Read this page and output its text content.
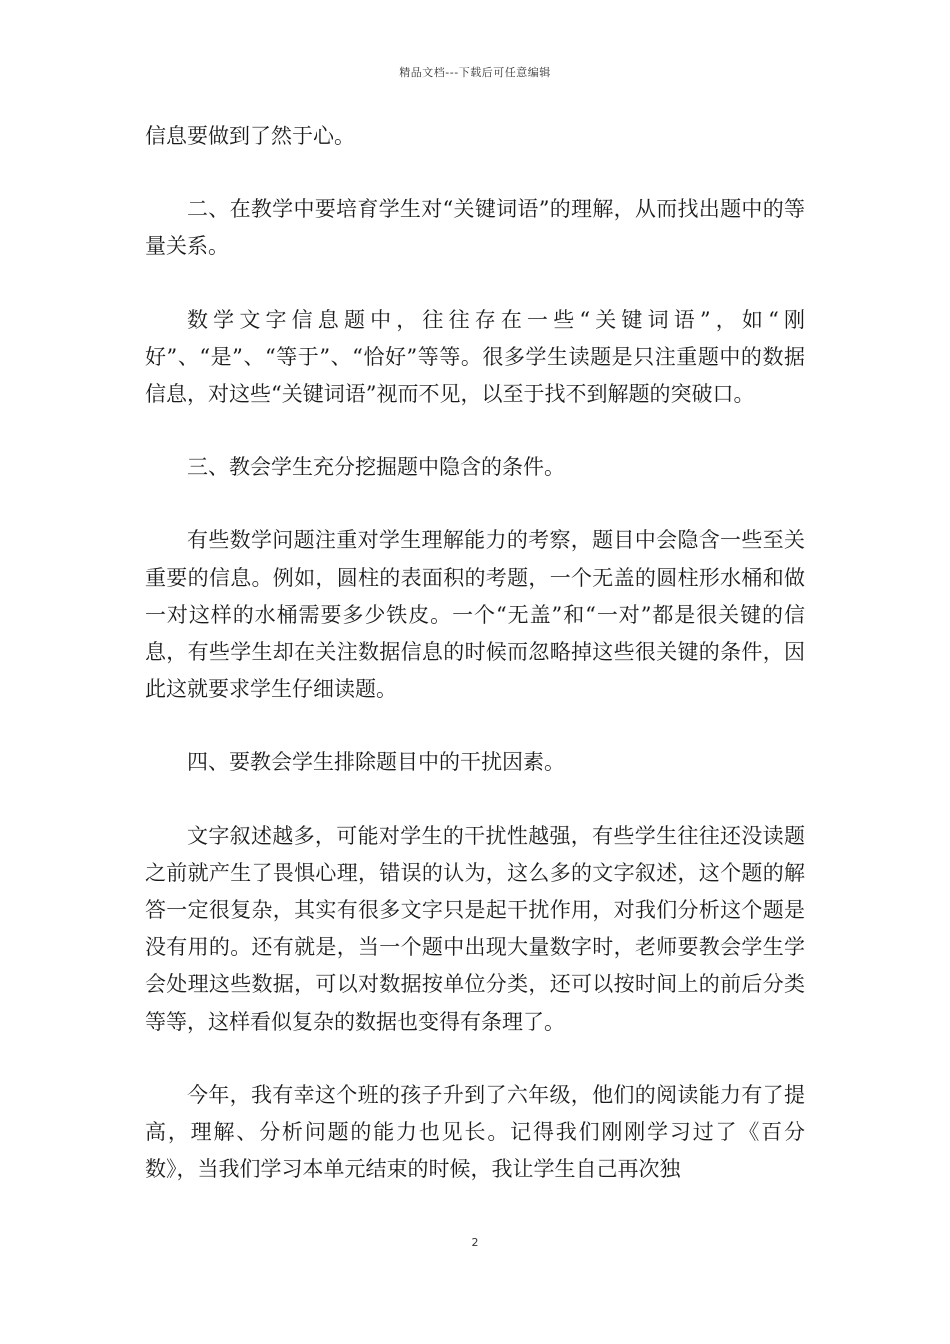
精品文档---下载后可任意编辑

信息要做到了然于心。

二、在教学中要培育学生对“关键词语”的理解，从而找出题中的等量关系。

数学文字信息题中，往往存在一些“关键词语”，如“刚好”、“是”、“等于”、“恰好”等等。很多学生读题是只注重题中的数据信息，对这些“关键词语”视而不见，以至于找不到解题的突破口。

三、教会学生充分挖掘题中隐含的条件。

有些数学问题注重对学生理解能力的考察，题目中会隐含一些至关重要的信息。例如，圆柱的表面积的考题，一个无盖的圆柱形水桶和做一对这样的水桶需要多少铁皮。一个“无盖”和“一对”都是很关键的信息，有些学生却在关注数据信息的时候而忽略掉这些很关键的条件，因此这就要求学生仔细读题。

四、要教会学生排除题目中的干扰因素。

文字叙述越多，可能对学生的干扰性越强，有些学生往往还没读题之前就产生了畏惧心理，错误的认为，这么多的文字叙述，这个题的解答一定很复杂，其实有很多文字只是起干扰作用，对我们分析这个题是没有用的。还有就是，当一个题中出现大量数字时，老师要教会学生学会处理这些数据，可以对数据按单位分类，还可以按时间上的前后分类等等，这样看似复杂的数据也变得有条理了。

今年，我有幸这个班的孩子升到了六年级，他们的阅读能力有了提高，理解、分析问题的能力也见长。记得我们刚刚学习过了《百分数》，当我们学习本单元结束的时候，我让学生自己再次独

2
